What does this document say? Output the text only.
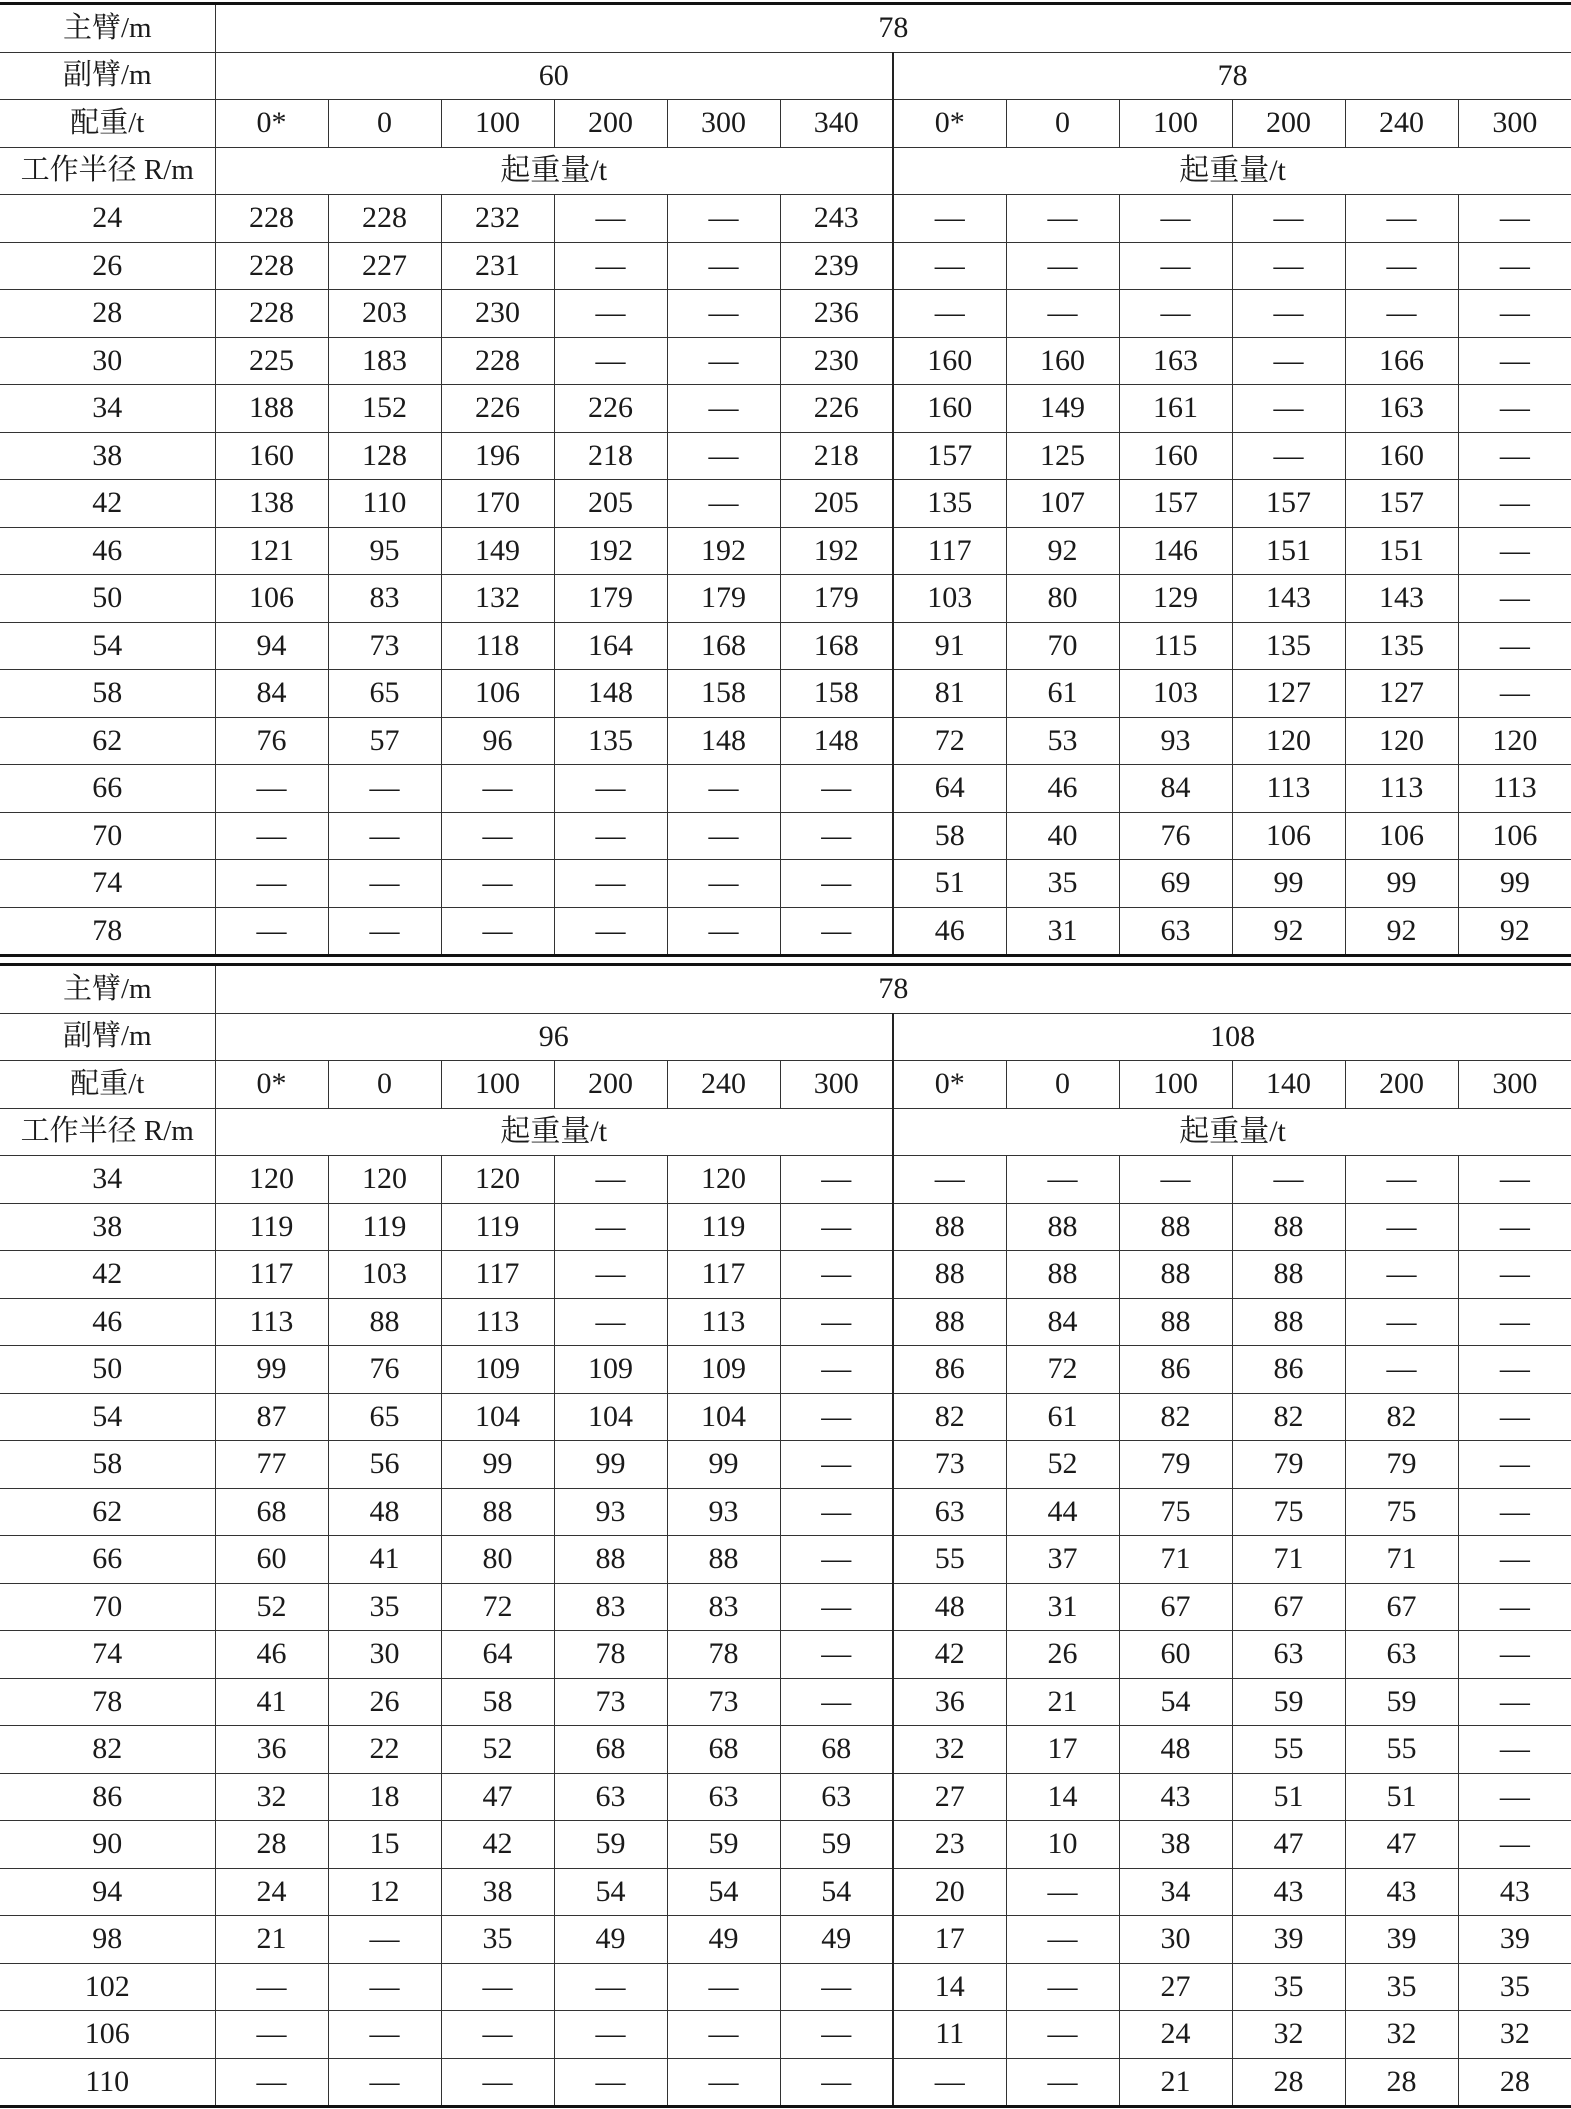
主臂/m	78											
副臂/m	60						78					
配重/t	0*	0	100	200	300	340	0*	0	100	200	240	300
工作半径 R/m	起重量/t						起重量/t					
24	228	228	232	—	—	243	—	—	—	—	—	—
26	228	227	231	—	—	239	—	—	—	—	—	—
28	228	203	230	—	—	236	—	—	—	—	—	—
30	225	183	228	—	—	230	160	160	163	—	166	—
34	188	152	226	226	—	226	160	149	161	—	163	—
38	160	128	196	218	—	218	157	125	160	—	160	—
42	138	110	170	205	—	205	135	107	157	157	157	—
46	121	95	149	192	192	192	117	92	146	151	151	—
50	106	83	132	179	179	179	103	80	129	143	143	—
54	94	73	118	164	168	168	91	70	115	135	135	—
58	84	65	106	148	158	158	81	61	103	127	127	—
62	76	57	96	135	148	148	72	53	93	120	120	120
66	—	—	—	—	—	—	64	46	84	113	113	113
70	—	—	—	—	—	—	58	40	76	106	106	106
74	—	—	—	—	—	—	51	35	69	99	99	99
78	—	—	—	—	—	—	46	31	63	92	92	92
主臂/m	78											
副臂/m	96						108					
配重/t	0*	0	100	200	240	300	0*	0	100	140	200	300
工作半径 R/m	起重量/t						起重量/t					
34	120	120	120	—	120	—	—	—	—	—	—	—
38	119	119	119	—	119	—	88	88	88	88	—	—
42	117	103	117	—	117	—	88	88	88	88	—	—
46	113	88	113	—	113	—	88	84	88	88	—	—
50	99	76	109	109	109	—	86	72	86	86	—	—
54	87	65	104	104	104	—	82	61	82	82	82	—
58	77	56	99	99	99	—	73	52	79	79	79	—
62	68	48	88	93	93	—	63	44	75	75	75	—
66	60	41	80	88	88	—	55	37	71	71	71	—
70	52	35	72	83	83	—	48	31	67	67	67	—
74	46	30	64	78	78	—	42	26	60	63	63	—
78	41	26	58	73	73	—	36	21	54	59	59	—
82	36	22	52	68	68	68	32	17	48	55	55	—
86	32	18	47	63	63	63	27	14	43	51	51	—
90	28	15	42	59	59	59	23	10	38	47	47	—
94	24	12	38	54	54	54	20	—	34	43	43	43
98	21	—	35	49	49	49	17	—	30	39	39	39
102	—	—	—	—	—	—	14	—	27	35	35	35
106	—	—	—	—	—	—	11	—	24	32	32	32
110	—	—	—	—	—	—	—	—	21	28	28	28
